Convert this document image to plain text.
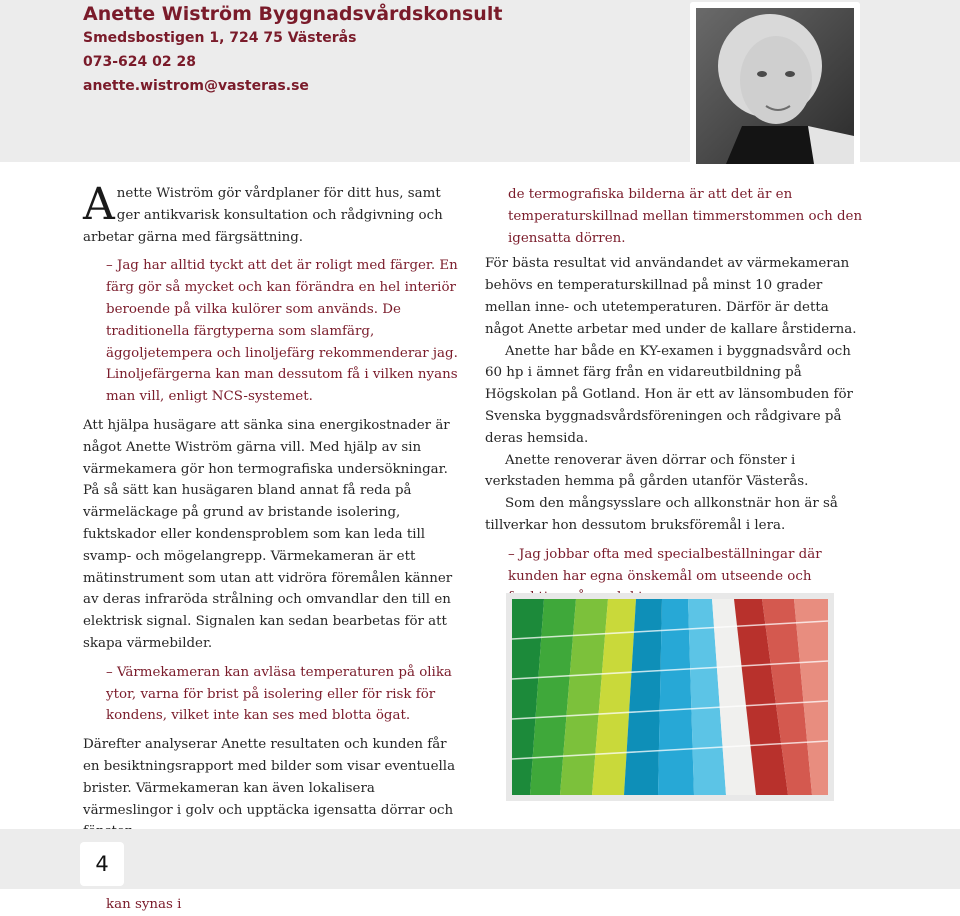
Anette Wiström Byggnadsvårdskonsult
Smedsbostigen 1, 724 75 Västerås
073-624 02 28
anette.wistrom@vasteras.se

Anette Wiström gör vårdplaner för ditt hus, samt ger antikvarisk konsultation och rådgivning och arbetar gärna med färgsättning.

– Jag har alltid tyckt att det är roligt med färger. En färg gör så mycket och kan förändra en hel interiör beroende på vilka kulörer som används. De traditionella färgtyperna som slamfärg, äggoljetempera och linoljefärg rekommenderar jag. Linoljefärgerna kan man dessutom få i vilken nyans man vill, enligt NCS-systemet.

Att hjälpa husägare att sänka sina energikostnader är något Anette Wiström gärna vill. Med hjälp av sin värmekamera gör hon termografiska undersökningar. På så sätt kan husägaren bland annat få reda på värmeläckage på grund av bristande isolering, fuktskador eller kondensproblem som kan leda till svamp- och mögelangrepp. Värmekameran är ett mätinstrument som utan att vidröra föremålen känner av deras infraröda strålning och omvandlar den till en elektrisk signal. Signalen kan sedan bearbetas för att skapa värmebilder.

– Värmekameran kan avläsa temperaturen på olika ytor, varna för brist på isolering eller för risk för kondens, vilket inte kan ses med blotta ögat.

Därefter analyserar Anette resultaten och kunden får en besiktningsrapport med bilder som visar eventuella brister. Värmekameran kan även lokalisera värmeslingor i golv och upptäcka igensatta dörrar och

kan synas i

de termografiska bilderna är att det är en temperaturskillnad mellan timmerstommen och den igensatta dörren.

För bästa resultat vid användandet av värmekameran behövs en temperaturskillnad på minst 10 grader mellan inne- och utetemperaturen. Därför är detta något Anette arbetar med under de kallare årstiderna.

Anette har både en KY-examen i byggnadsvård och 60 hp i ämnet färg från en vidareutbildning på Högskolan på Gotland. Hon är ett av länsombuden för Svenska byggnadsvårdsföreningen och rådgivare på deras hemsida.

Anette renoverar även dörrar och fönster i verkstaden hemma på gården utanför Västerås.

Som den mångsysslare och allkonstnär hon är så tillverkar hon dessutom bruksföremål i lera.

– Jag jobbar ofta med specialbeställningar där kunden har egna önskemål om utseende och

4
